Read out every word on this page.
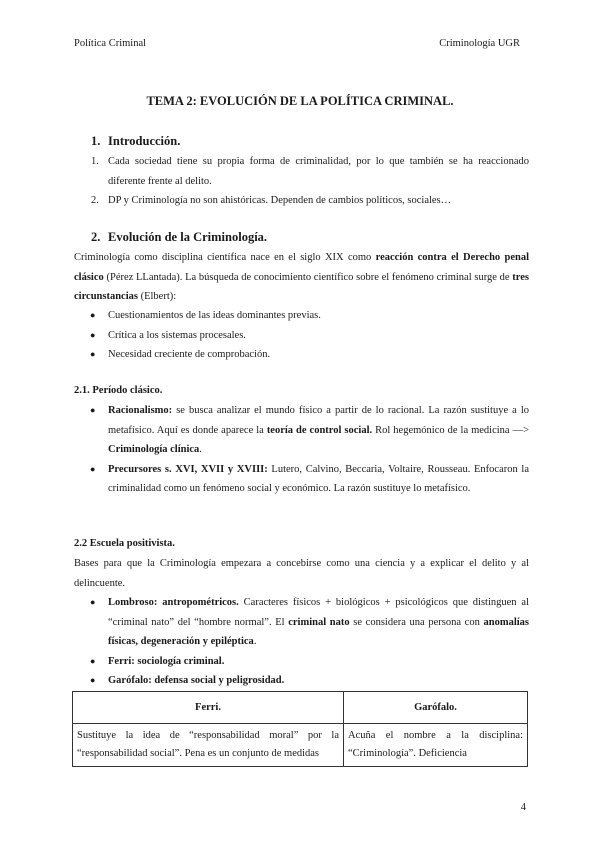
Política Criminal	Criminología UGR
TEMA 2: EVOLUCIÓN DE LA POLÍTICA CRIMINAL.
1. Introducción.
1. Cada sociedad tiene su propia forma de criminalidad, por lo que también se ha reaccionado diferente frente al delito.
2. DP y Criminología no son ahistóricas. Dependen de cambios políticos, sociales…
2. Evolución de la Criminología.
Criminología como disciplina científica nace en el siglo XIX como reacción contra el Derecho penal clásico (Pérez LLantada). La búsqueda de conocimiento científico sobre el fenómeno criminal surge de tres circunstancias (Elbert):
● Cuestionamientos de las ideas dominantes previas.
● Crítica a los sistemas procesales.
● Necesidad creciente de comprobación.
2.1. Período clásico.
● Racionalismo: se busca analizar el mundo físico a partir de lo racional. La razón sustituye a lo metafísico. Aquí es donde aparece la teoría de control social. Rol hegemónico de la medicina —> Criminología clínica.
● Precursores s. XVI, XVII y XVIII: Lutero, Calvino, Beccaria, Voltaire, Rousseau. Enfocaron la criminalidad como un fenómeno social y económico. La razón sustituye lo metafísico.
2.2 Escuela positivista.
Bases para que la Criminología empezara a concebirse como una ciencia y a explicar el delito y al delincuente.
● Lombroso: antropométricos. Caracteres físicos + biológicos + psicológicos que distinguen al “criminal nato” del “hombre normal”. El criminal nato se considera una persona con anomalías físicas, degeneración y epiléptica.
● Ferri: sociología criminal.
● Garófalo: defensa social y peligrosidad.
Ferri.	Garófalo.
Sustituye la idea de “responsabilidad moral” por la “responsabilidad social”. Pena es un conjunto de medidas	Acuña el nombre a la disciplina: “Criminología”. Deficiencia
4
